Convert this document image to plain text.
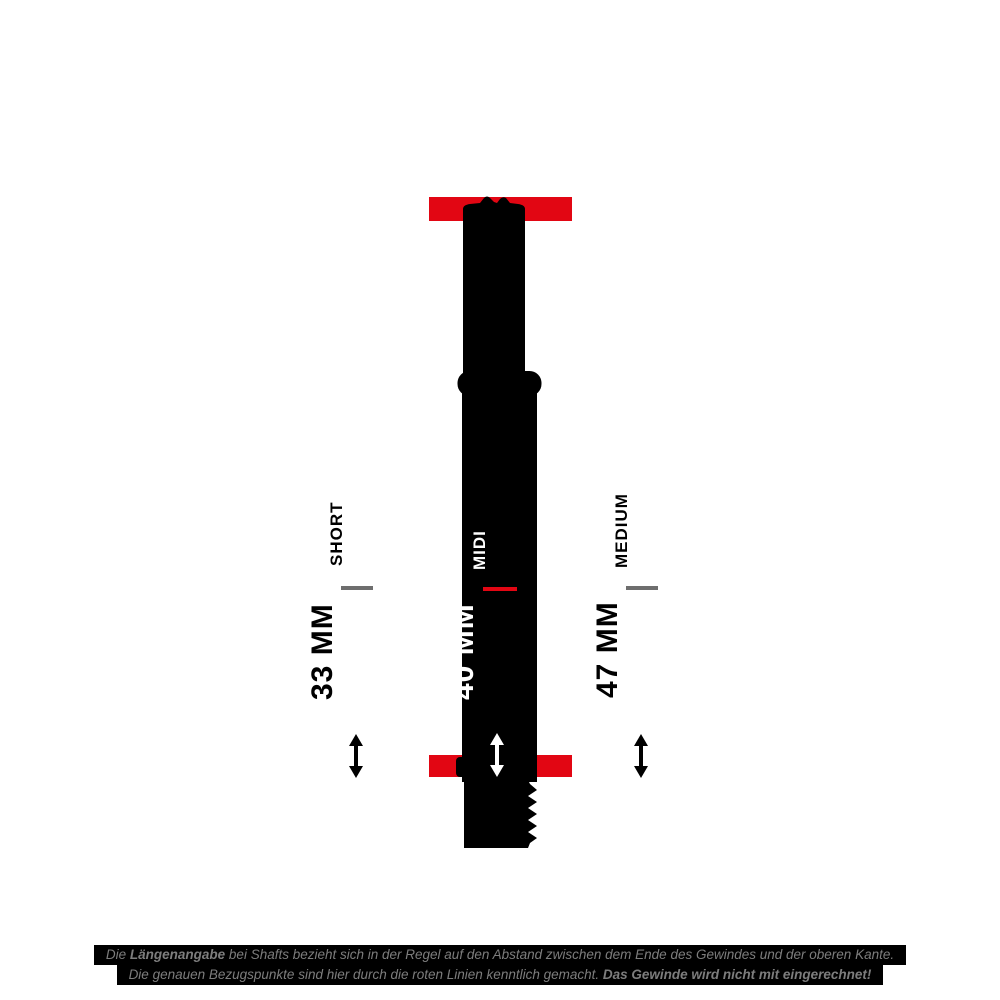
SHORT	MIDI	MEDIUM
33 MM	40 MM	47 MM
Die Längenangabe bei Shafts bezieht sich in der Regel auf den Abstand zwischen dem Ende des Gewindes und der oberen Kante.
Die genauen Bezugspunkte sind hier durch die roten Linien kenntlich gemacht. Das Gewinde wird nicht mit eingerechnet!
